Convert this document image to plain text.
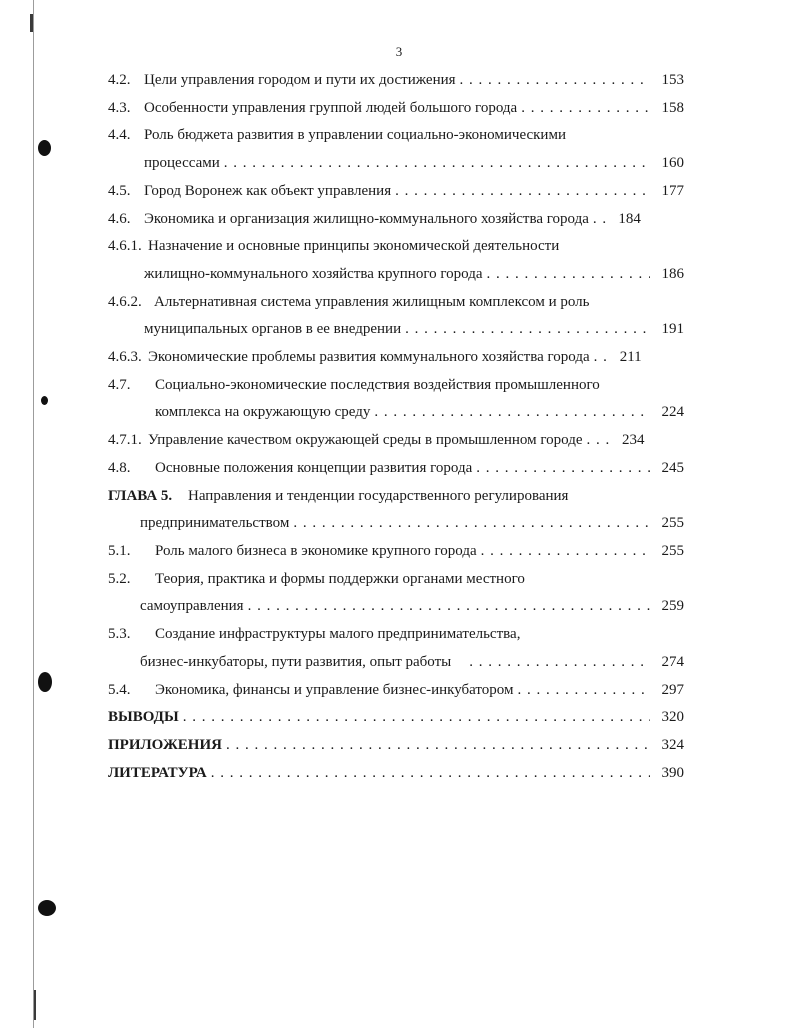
3
4.2. Цели управления городом и пути их достижения . . .	153
4.3. Особенности управления группой людей большого города . . .	158
4.4. Роль бюджета развития в управлении социально-экономическими
процессами . . .	160
4.5. Город Воронеж как объект управления . . .	177
4.6. Экономика и организация жилищно-коммунального хозяйства города . . .	184
4.6.1. Назначение и основные принципы экономической деятельности
жилищно-коммунального хозяйства крупного города . . .	186
4.6.2. Альтернативная система управления жилищным комплексом и роль
муниципальных органов в ее внедрении . . .	191
4.6.3. Экономические проблемы развития коммунального хозяйства города . . .	211
4.7.	Социально-экономические последствия воздействия промышленного
комплекса на окружающую среду . . .	224
4.7.1. Управление качеством окружающей среды в промышленном городе . . .	234
4.8.	Основные положения концепции развития города . . .	245
ГЛАВА 5.	Направления и тенденции государственного регулирования
предпринимательством . . .	255
5.1.	Роль малого бизнеса в экономике крупного города . . .	255
5.2.	Теория, практика и формы поддержки органами местного
самоуправления . . .	259
5.3.	Создание инфраструктуры малого предпринимательства,
бизнес-инкубаторы, пути развития, опыт работы . . .	274
5.4.	Экономика, финансы и управление бизнес-инкубатором . . .	297
ВЫВОДЫ . . .	320
ПРИЛОЖЕНИЯ . . .	324
ЛИТЕРАТУРА . . .	390
